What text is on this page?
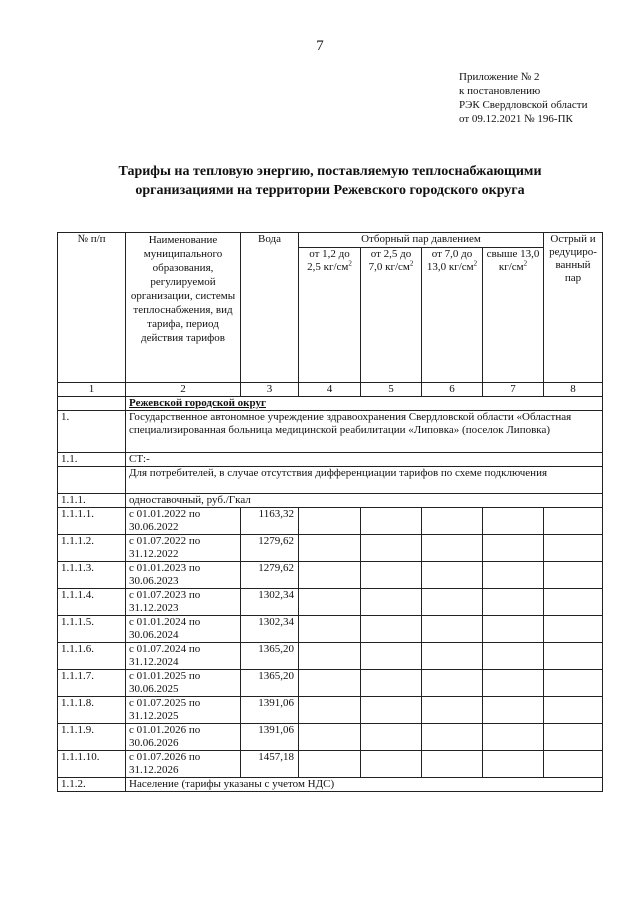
7
Приложение № 2
к постановлению
РЭК Свердловской области
от 09.12.2021 № 196-ПК
Тарифы на тепловую энергию, поставляемую теплоснабжающими
организациями на территории Режевского городского округа
№ п/п	Наименование муниципального образования, регулируемой организации, системы теплоснабжения, вид тарифа, период действия тарифов	Вода	Отборный пар давлением				Острый и редуциро-ванный пар
			от 1,2 до 2,5 $кг/см^2$	от 2,5 до 7,0 $кг/см^2$	от 7,0 до 13,0 $кг/см^2$	свыше 13,0 $кг/см^2$
1	2	3	4	5	6	7	8
	Режевской городской округ						
1.	Государственное автономное учреждение здравоохранения Свердловской области «Областная специализированная больница медицинской реабилитации «Липовка» (поселок Липовка)						
1.1.	СТ:-						
	Для потребителей, в случае отсутствия дифференциации тарифов по схеме подключения						
1.1.1.	одноставочный, руб./Гкал						
1.1.1.1.	с 01.01.2022 по 30.06.2022	1163,32					
1.1.1.2.	с 01.07.2022 по 31.12.2022	1279,62					
1.1.1.3.	с 01.01.2023 по 30.06.2023	1279,62					
1.1.1.4.	с 01.07.2023 по 31.12.2023	1302,34					
1.1.1.5.	с 01.01.2024 по 30.06.2024	1302,34					
1.1.1.6.	с 01.07.2024 по 31.12.2024	1365,20					
1.1.1.7.	с 01.01.2025 по 30.06.2025	1365,20					
1.1.1.8.	с 01.07.2025 по 31.12.2025	1391,06					
1.1.1.9.	с 01.01.2026 по 30.06.2026	1391,06					
1.1.1.10.	с 01.07.2026 по 31.12.2026	1457,18					
1.1.2.	Население (тарифы указаны с учетом НДС)						
